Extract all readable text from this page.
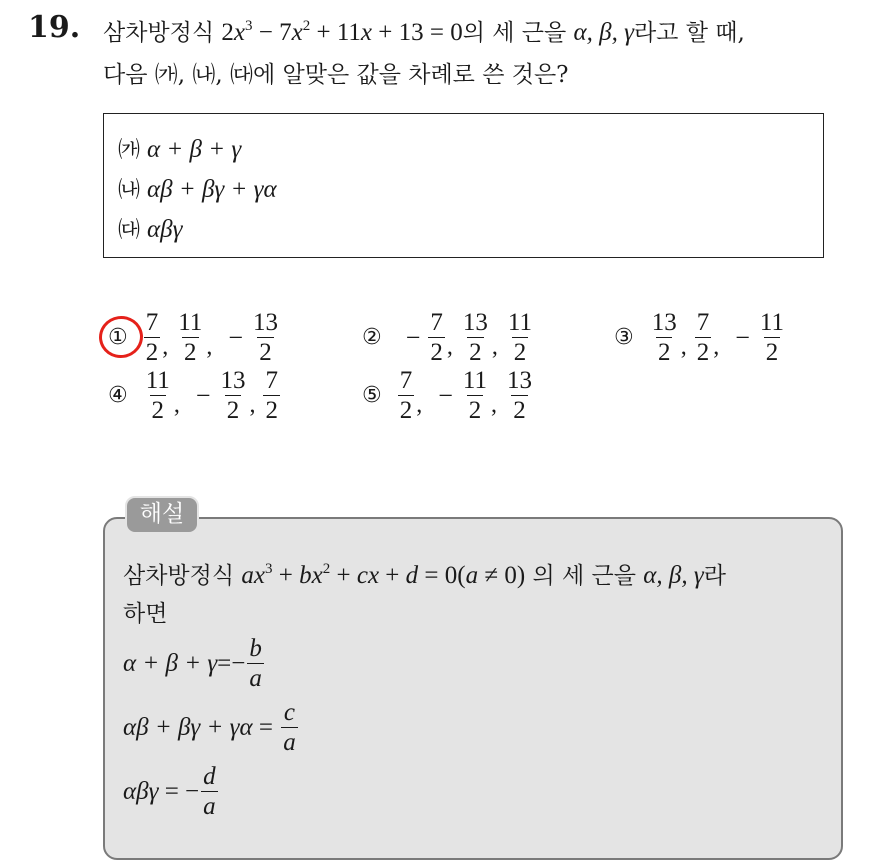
19. 삼차방정식 $2x^3 - 7x^2 + 11x + 13 = 0$의 세 근을 α, β, γ라고 할 때,
다음 ㈎, ㈏, ㈐에 알맞은 값을 차례로 쓴 것은?
㈎ α + β + γ
㈏ αβ + βγ + γα
㈐ αβγ
① $\frac{7}{2}$ , $\frac{11}{2}$ , − $\frac{13}{2}$	② − $\frac{7}{2}$ , $\frac{13}{2}$ , $\frac{11}{2}$	③ $\frac{13}{2}$ , $\frac{7}{2}$ , − $\frac{11}{2}$
④ $\frac{11}{2}$ , − $\frac{13}{2}$ , $\frac{7}{2}$	⑤ $\frac{7}{2}$ , − $\frac{11}{2}$ , $\frac{13}{2}$
해설
삼차방정식 $ax^3 + bx^2$ + cx + d = 0(a ≠ 0) 의 세 근을 α, β, γ라
하면
$\alpha + \beta + \gamma =- \frac{b}{a}$
$\alpha\beta + \beta\gamma + \gamma\alpha = \frac{c}{a}$
αβγ = − $\frac{d}{a}$
